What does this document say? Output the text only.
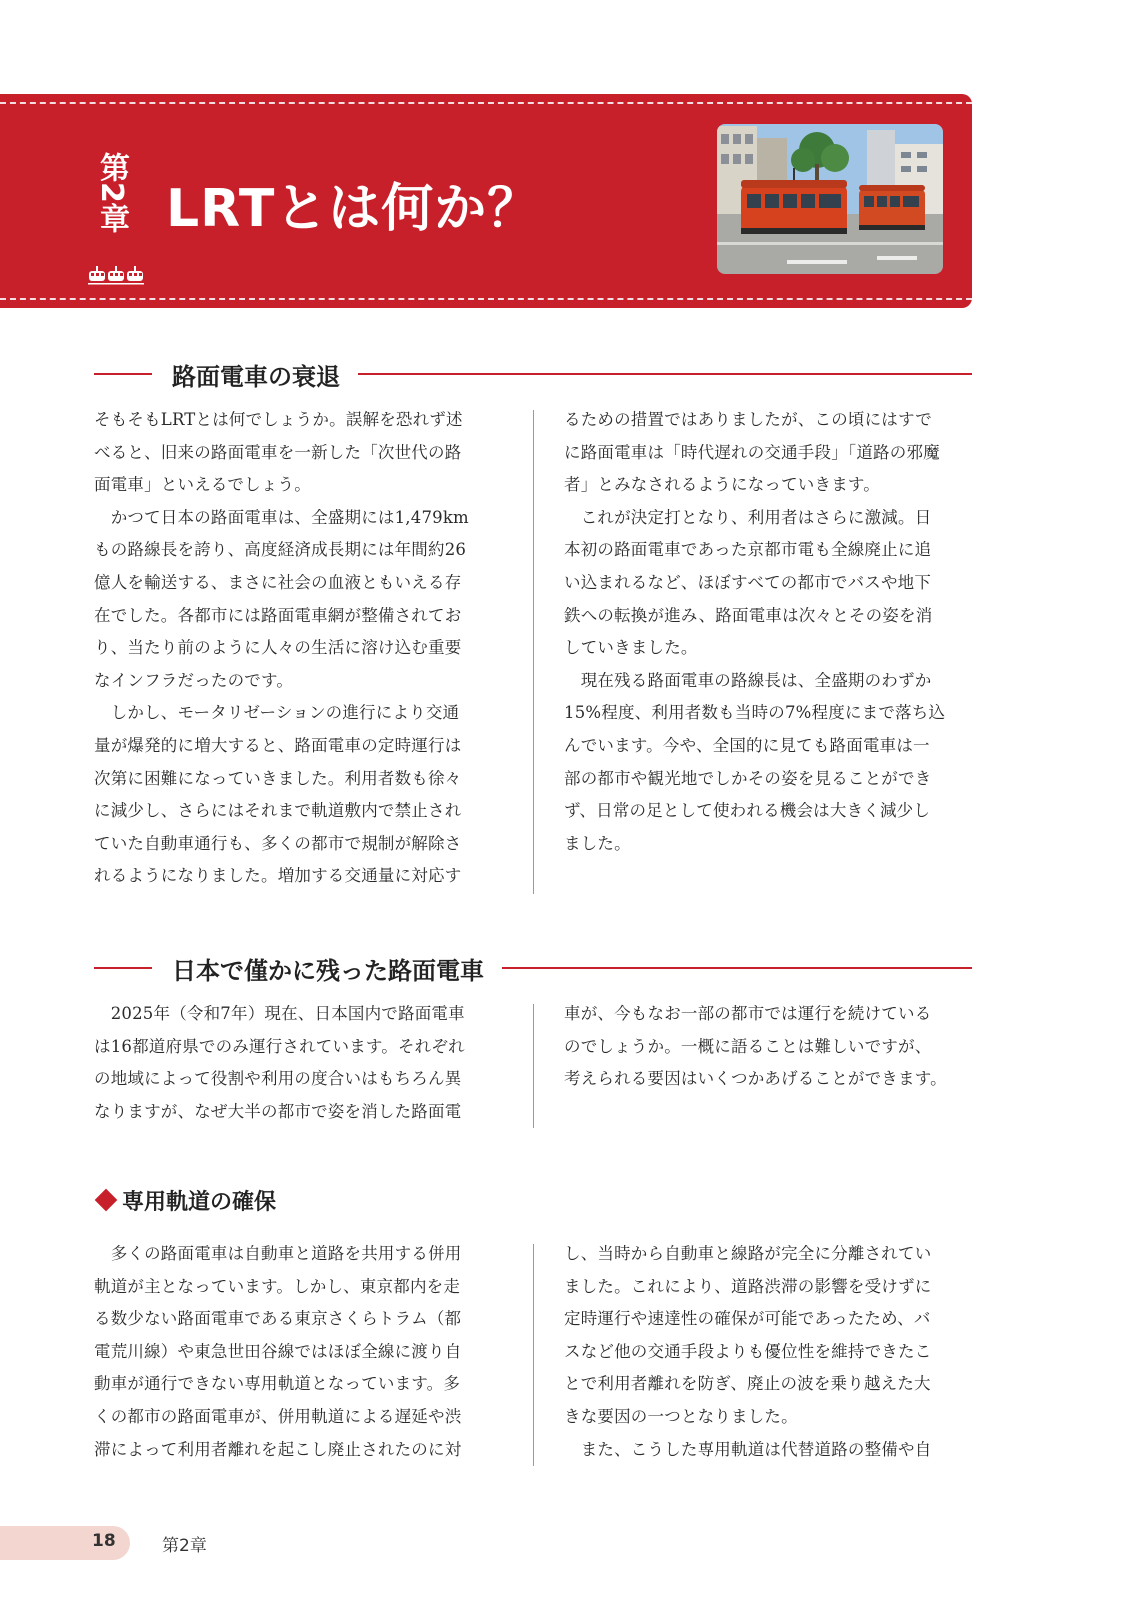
第2章 LRTとは何か？
路面電車の衰退
そもそもLRTとは何でしょうか。誤解を恐れず述
べると、旧来の路面電車を一新した「次世代の路
面電車」といえるでしょう。
　かつて日本の路面電車は、全盛期には1,479km
もの路線長を誇り、高度経済成長期には年間約26
億人を輸送する、まさに社会の血液ともいえる存
在でした。各都市には路面電車網が整備されてお
り、当たり前のように人々の生活に溶け込む重要
なインフラだったのです。
　しかし、モータリゼーションの進行により交通
量が爆発的に増大すると、路面電車の定時運行は
次第に困難になっていきました。利用者数も徐々
に減少し、さらにはそれまで軌道敷内で禁止され
ていた自動車通行も、多くの都市で規制が解除さ
れるようになりました。増加する交通量に対応す
るための措置ではありましたが、この頃にはすで
に路面電車は「時代遅れの交通手段」「道路の邪魔
者」とみなされるようになっていきます。
　これが決定打となり、利用者はさらに激減。日
本初の路面電車であった京都市電も全線廃止に追
い込まれるなど、ほぼすべての都市でバスや地下
鉄への転換が進み、路面電車は次々とその姿を消
していきました。
　現在残る路面電車の路線長は、全盛期のわずか
15%程度、利用者数も当時の7%程度にまで落ち込
んでいます。今や、全国的に見ても路面電車は一
部の都市や観光地でしかその姿を見ることができ
ず、日常の足として使われる機会は大きく減少し
ました。
日本で僅かに残った路面電車
　2025年（令和7年）現在、日本国内で路面電車
は16都道府県でのみ運行されています。それぞれ
の地域によって役割や利用の度合いはもちろん異
なりますが、なぜ大半の都市で姿を消した路面電
車が、今もなお一部の都市では運行を続けている
のでしょうか。一概に語ることは難しいですが、
考えられる要因はいくつかあげることができます。
専用軌道の確保
　多くの路面電車は自動車と道路を共用する併用
軌道が主となっています。しかし、東京都内を走
る数少ない路面電車である東京さくらトラム（都
電荒川線）や東急世田谷線ではほぼ全線に渡り自
動車が通行できない専用軌道となっています。多
くの都市の路面電車が、併用軌道による遅延や渋
滞によって利用者離れを起こし廃止されたのに対
し、当時から自動車と線路が完全に分離されてい
ました。これにより、道路渋滞の影響を受けずに
定時運行や速達性の確保が可能であったため、バ
スなど他の交通手段よりも優位性を維持できたこ
とで利用者離れを防ぎ、廃止の波を乗り越えた大
きな要因の一つとなりました。
　また、こうした専用軌道は代替道路の整備や自
18	第2章
